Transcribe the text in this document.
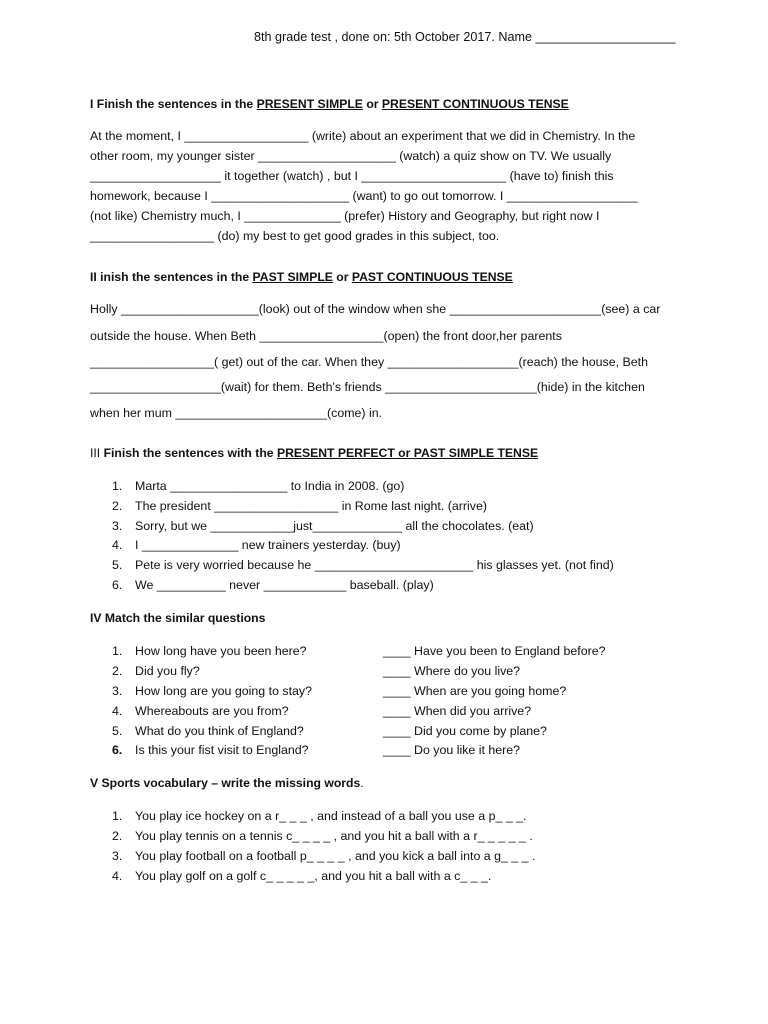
8th grade test , done on: 5th October 2017. Name ____________________
I Finish the sentences in the PRESENT SIMPLE or PRESENT CONTINUOUS TENSE
At the moment, I __________________ (write) about an experiment that we did in Chemistry. In the
other room, my younger sister ____________________ (watch) a quiz show on TV. We usually
___________________ it together (watch) , but I _____________________ (have to) finish this
homework, because I ____________________ (want) to go out tomorrow. I ___________________
(not like) Chemistry much, I ______________ (prefer) History and Geography, but right now I
__________________ (do) my best to get good grades in this subject, too.
II inish the sentences in the PAST SIMPLE or PAST CONTINUOUS TENSE
Holly ____________________(look) out of the window when she ______________________(see) a car
outside the house. When Beth __________________(open) the front door,her parents
__________________( get) out of the car. When they ___________________(reach) the house, Beth
___________________(wait) for them. Beth's friends ______________________(hide) in the kitchen
when her mum ______________________(come) in.
III Finish the sentences with the PRESENT PERFECT or PAST SIMPLE TENSE
1. Marta _________________ to India in 2008. (go)
2. The president __________________ in Rome last night. (arrive)
3. Sorry, but we ____________just_____________ all the chocolates. (eat)
4. I ______________ new trainers yesterday. (buy)
5. Pete is very worried because he _______________________ his glasses yet. (not find)
6. We __________ never ____________ baseball. (play)
IV Match the similar questions
1. How long have you been here?
2. Did you fly?
3. How long are you going to stay?
4. Whereabouts are you from?
5. What do you think of England?
6. Is this your fist visit to England?
____ Have you been to England before?
____ Where do you live?
____ When are you going home?
____ When did you arrive?
____ Did you come by plane?
____ Do you like it here?
V Sports vocabulary – write the missing words.
1. You play ice hockey on a r_ _ _ , and instead of a ball you use a p_ _ _.
2. You play tennis on a tennis c_ _ _ _ , and you hit a ball with a r_ _ _ _ _ .
3. You play football on a football p_ _ _ _ , and you kick a ball into a g_ _ _ .
4. You play golf on a golf c_ _ _ _ _, and you hit a ball with a c_ _ _.
